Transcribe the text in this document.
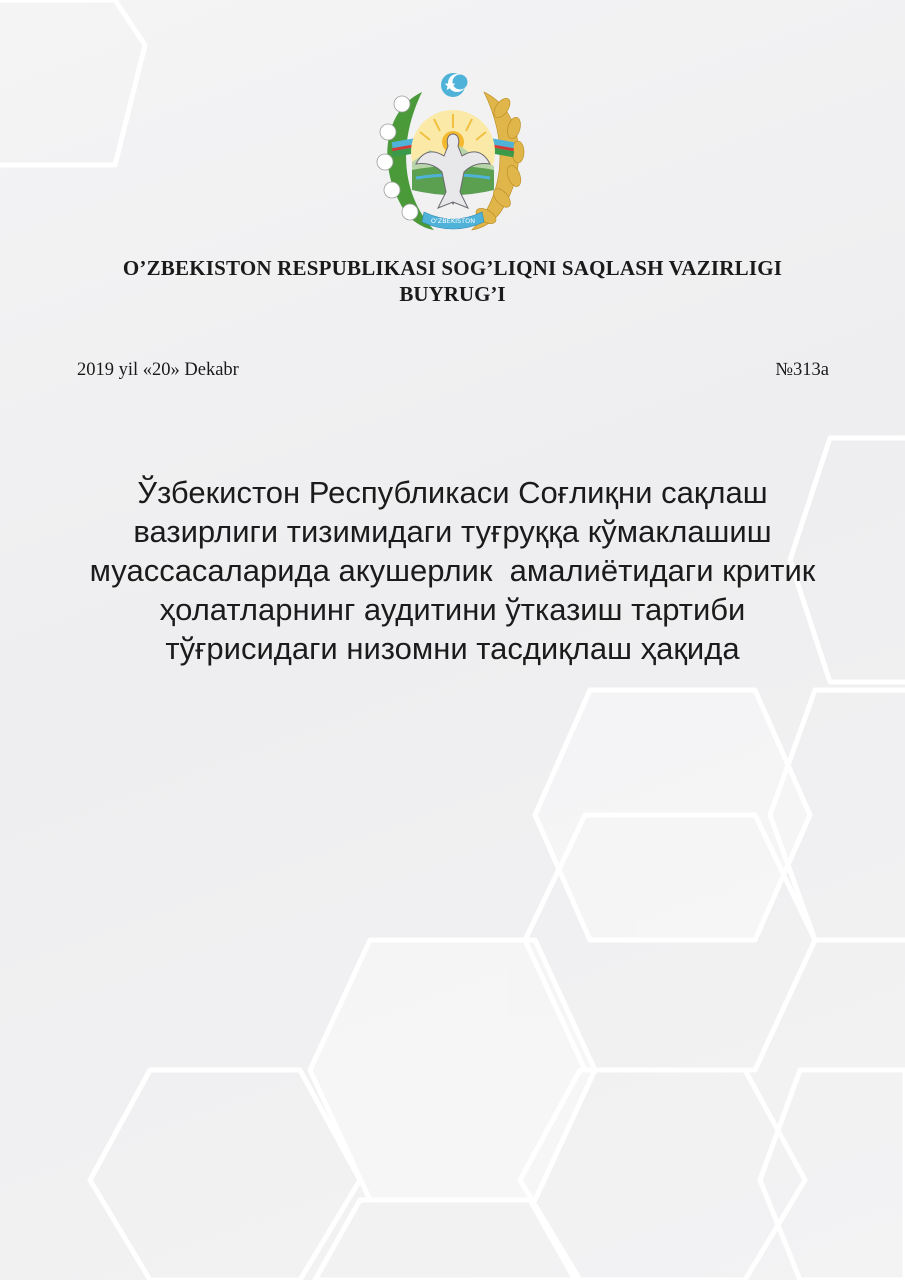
O'ZBEKISTON
O’ZBEKISTON RESPUBLIKASI SOG’LIQNI SAQLASH VAZIRLIGI
BUYRUG’I
2019 yil «20» Dekabr	№313a
Ўзбекистон Республикаси Соғлиқни сақлаш
вазирлиги тизимидаги туғруққа кўмаклашиш
муассасаларида акушерлик  амалиётидаги критик
ҳолатларнинг аудитини ўтказиш тартиби
тўғрисидаги низомни тасдиқлаш ҳақида
